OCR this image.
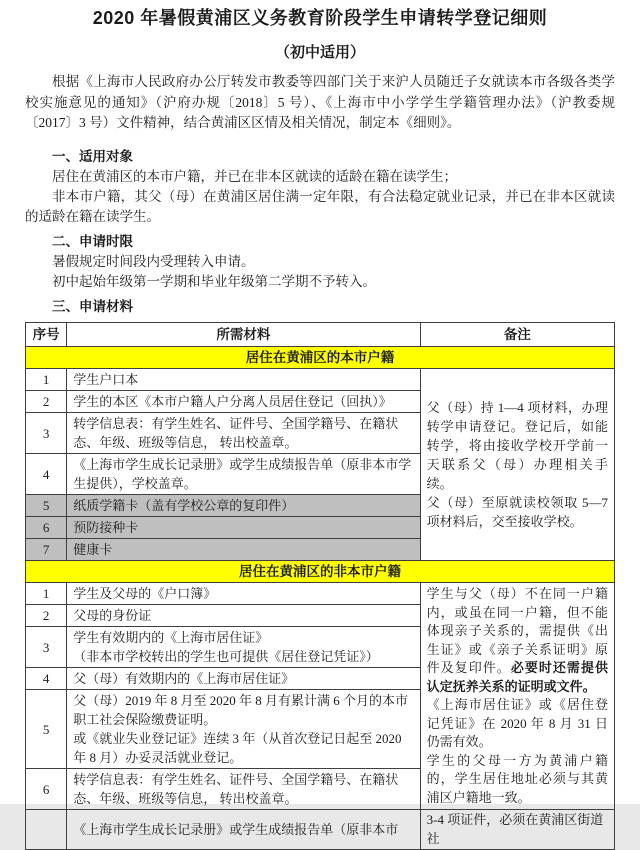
2020 年暑假黄浦区义务教育阶段学生申请转学登记细则
（初中适用）

根据《上海市人民政府办公厅转发市教委等四部门关于来沪人员随迁子女就读本市各级各类学校实施意见的通知》（沪府办规〔2018〕5 号）、《上海市中小学学生学籍管理办法》（沪教委规〔2017〕3 号）文件精神，结合黄浦区区情及相关情况，制定本《细则》。

一、适用对象

居住在黄浦区的本市户籍，并已在非本区就读的适龄在籍在读学生；

非本市户籍，其父（母）在黄浦区居住满一定年限，有合法稳定就业记录，并已在非本区就读的适龄在籍在读学生。

二、申请时限

暑假规定时间段内受理转入申请。

初中起始年级第一学期和毕业年级第二学期不予转入。

三、申请材料
序号	所需材料	备注
居住在黄浦区的本市户籍		
1	学生户口本	父（母）持 1—4 项材料，办理转学申请登记。登记后，如能转学，将由接收学校开学前一天联系父（母）办理相关手续。

父（母）至原就读校领取 5—7 项材料后，交至接收学校。

2	学生的本区《本市户籍人户分离人员居住登记（回执）》	
3	转学信息表：有学生姓名、证件号、全国学籍号、在籍状态、年级、班级等信息， 转出校盖章。	
4	《上海市学生成长记录册》或学生成绩报告单（原非本市学生提供），学校盖章。	
5	纸质学籍卡（盖有学校公章的复印件）	
6	预防接种卡	
7	健康卡	
居住在黄浦区的非本市户籍		
1	学生及父母的《户口簿》	学生与父（母）不在同一户籍内，或虽在同一户籍，但不能体现亲子关系的，需提供《出生证》或《亲子关系证明》原件及复印件。必要时还需提供认定抚养关系的证明或文件。

《上海市居住证》或《居住登记凭证》在 2020 年 8 月 31 日仍需有效。

学生的父母一方为黄浦户籍的，学生居住地址必须与其黄浦区户籍地一致。

2	父母的身份证	
3	学生有效期内的《上海市居住证》

（非本市学校转出的学生也可提供《居住登记凭证》）	

4	父（母）有效期内的《上海市居住证》	
5	父（母）2019 年 8 月至 2020 年 8 月有累计满 6 个月的本市职工社会保险缴费证明。

或《就业失业登记证》连续 3 年（从首次登记日起至 2020 年 8 月）办妥灵活就业登记。	

6	转学信息表：有学生姓名、证件号、全国学籍号、在籍状态、年级、班级等信息， 转出校盖章。	
	《上海市学生成长记录册》或学生成绩报告单（原非本市	3-4 项证件，必须在黄浦区街道社
